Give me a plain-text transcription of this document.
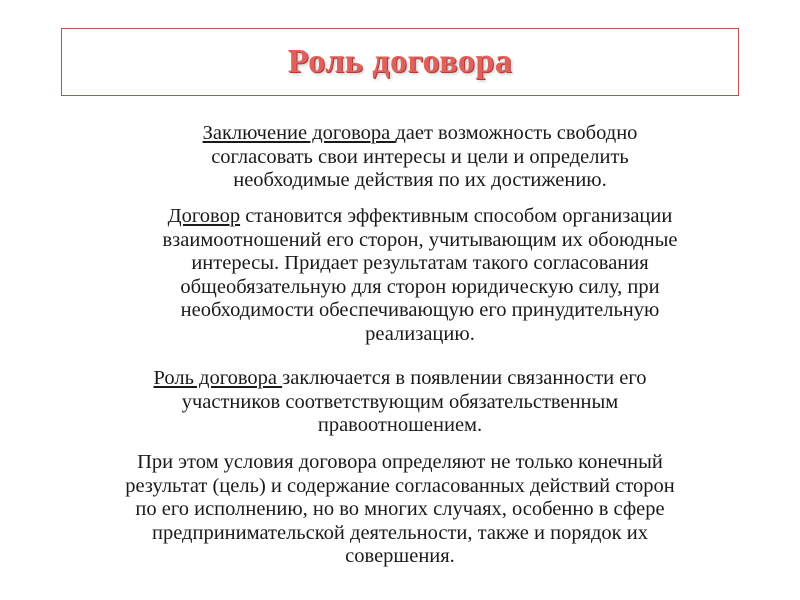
Роль договора
Заключение договора дает возможность свободно
согласовать свои интересы и цели и определить
необходимые действия по их достижению.
Договор становится эффективным способом организации
взаимоотношений его сторон, учитывающим их обоюдные
интересы. Придает результатам такого согласования
общеобязательную для сторон юридическую силу, при
необходимости обеспечивающую его принудительную
реализацию.
Роль договора заключается в появлении связанности его
участников соответствующим обязательственным
правоотношением.
При этом условия договора определяют не только конечный
результат (цель) и содержание согласованных действий сторон
по его исполнению, но во многих случаях, особенно в сфере
предпринимательской деятельности, также и порядок их
совершения.
